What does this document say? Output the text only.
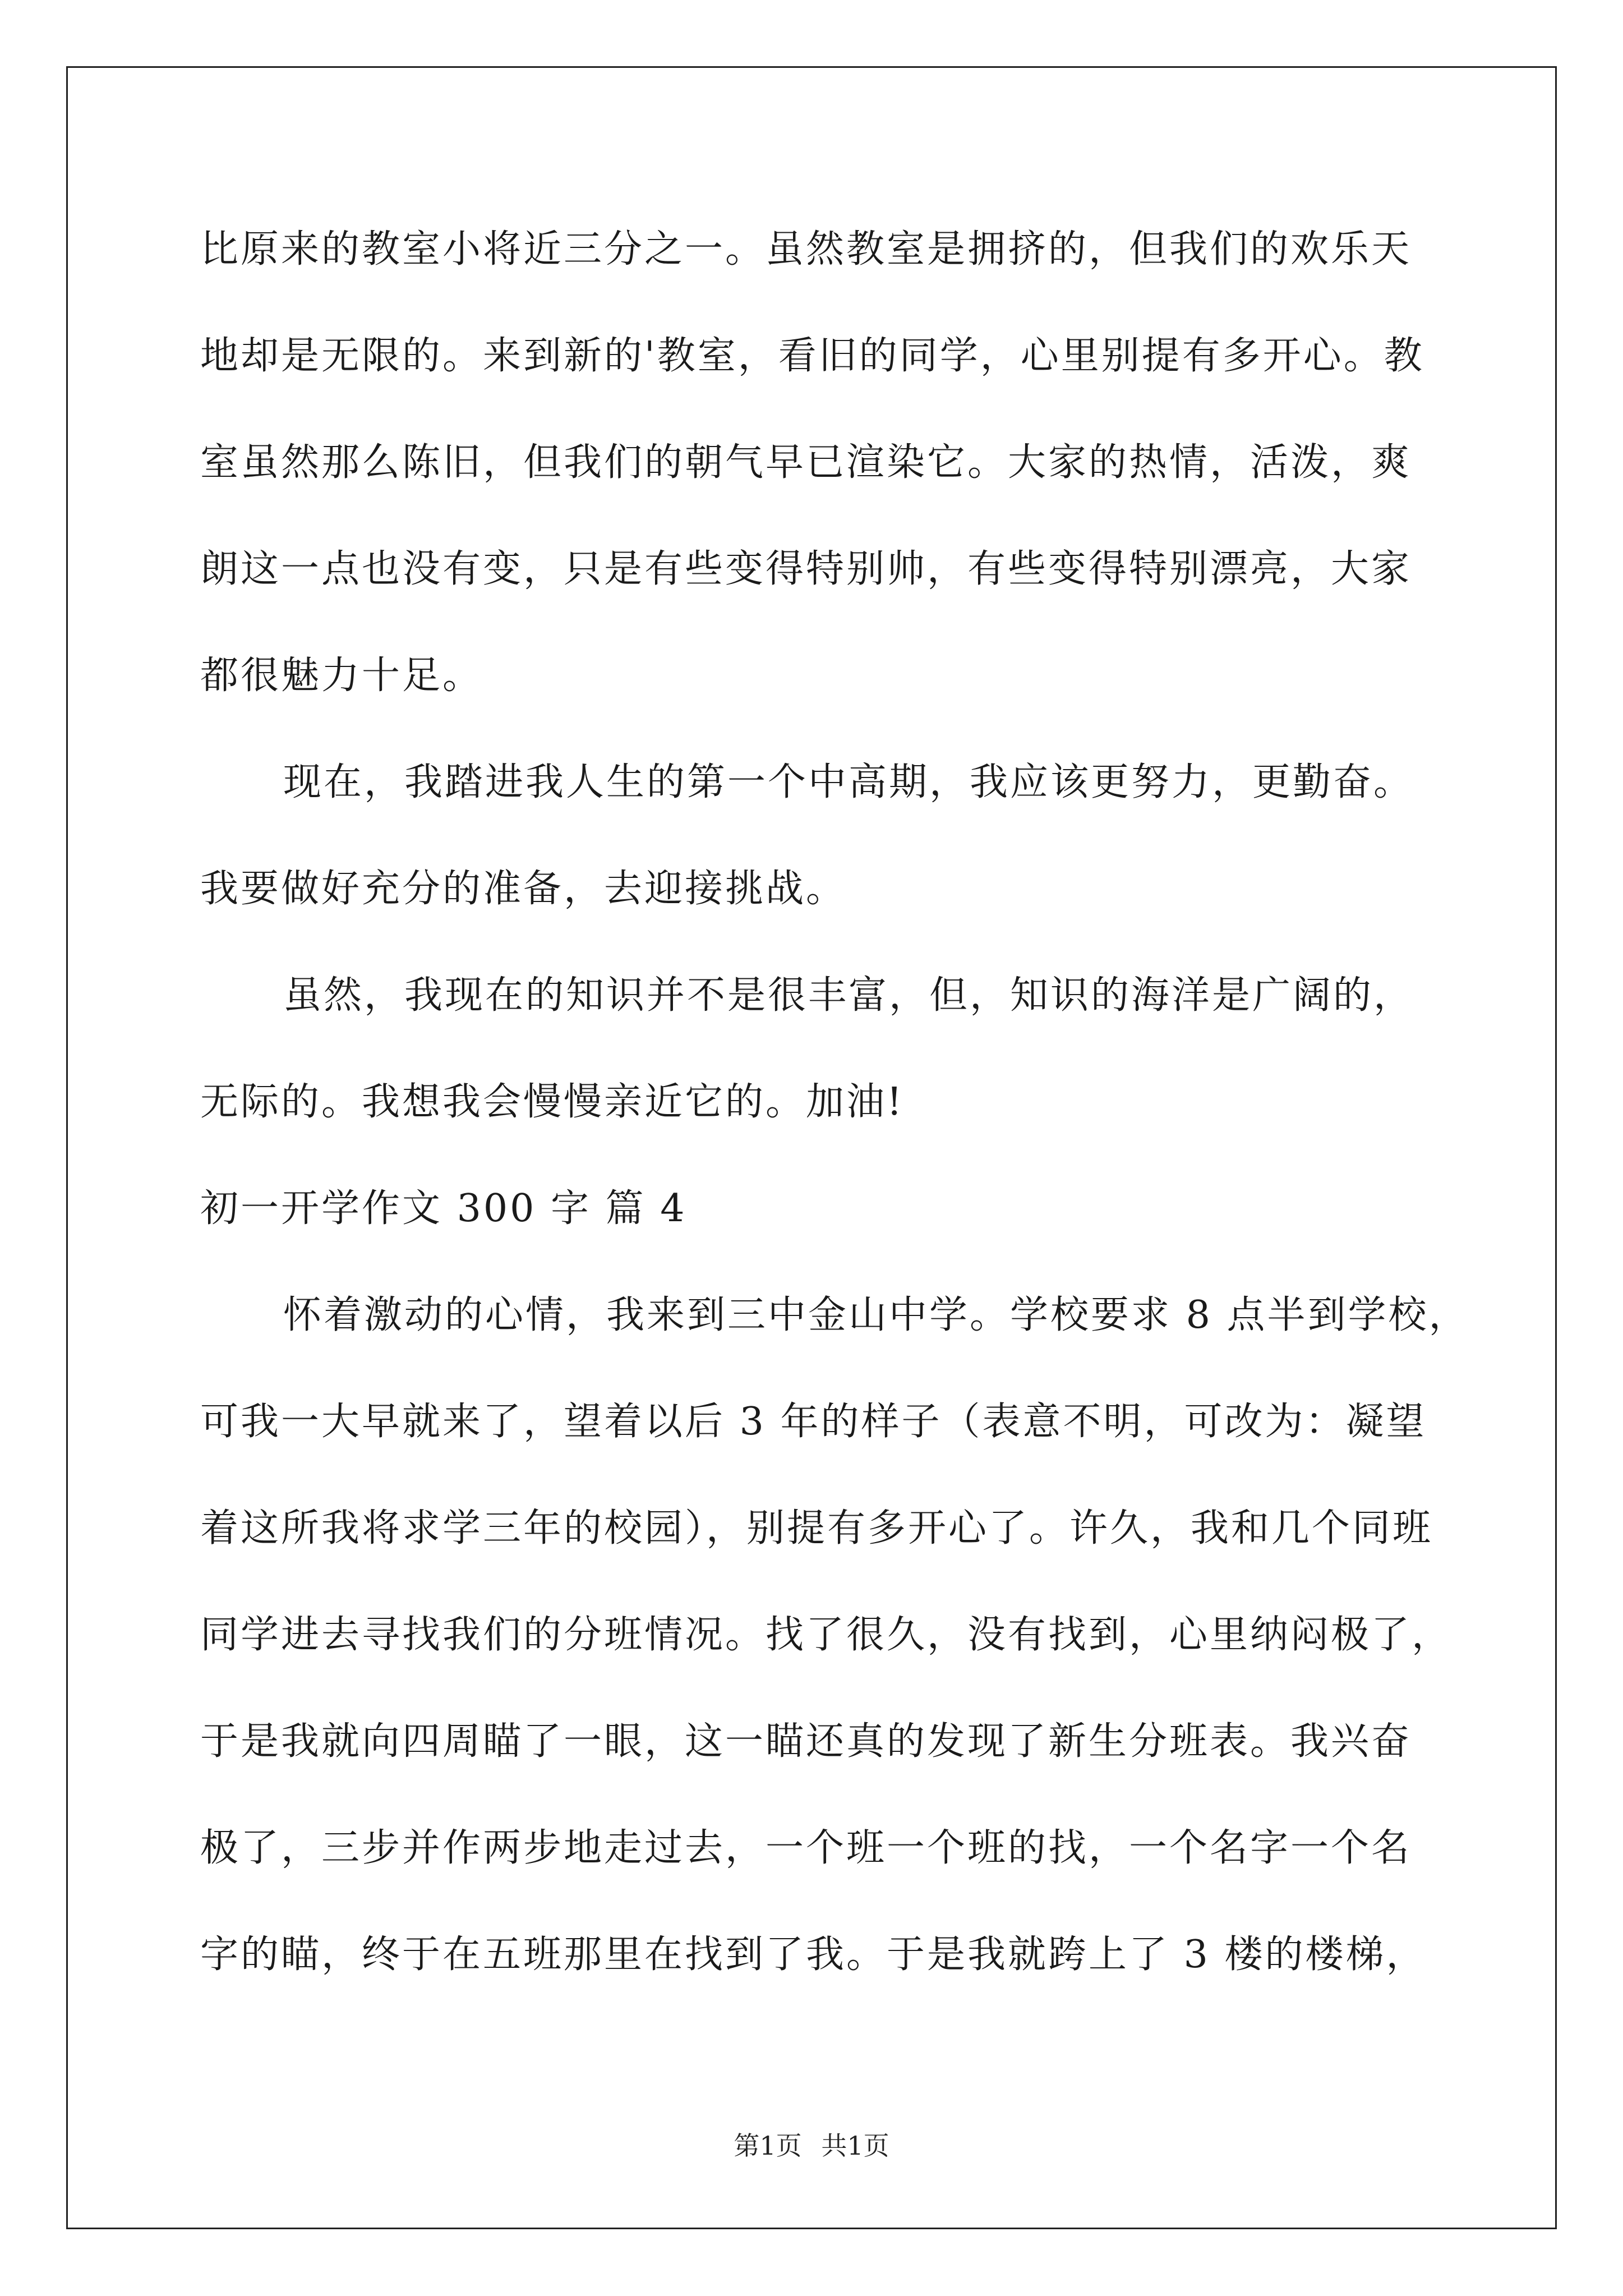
比原来的教室小将近三分之一。虽然教室是拥挤的，但我们的欢乐天
地却是无限的。来到新的'教室，看旧的同学，心里别提有多开心。教
室虽然那么陈旧，但我们的朝气早已渲染它。大家的热情，活泼，爽
朗这一点也没有变，只是有些变得特别帅，有些变得特别漂亮，大家
都很魅力十足。
现在，我踏进我人生的第一个中高期，我应该更努力，更勤奋。
我要做好充分的准备，去迎接挑战。
虽然，我现在的知识并不是很丰富，但，知识的海洋是广阔的，
无际的。我想我会慢慢亲近它的。加油!
初一开学作文 300 字 篇 4
怀着激动的心情，我来到三中金山中学。学校要求 8 点半到学校，
可我一大早就来了，望着以后 3 年的样子（表意不明，可改为：凝望
着这所我将求学三年的校园），别提有多开心了。许久，我和几个同班
同学进去寻找我们的分班情况。找了很久，没有找到，心里纳闷极了，
于是我就向四周瞄了一眼，这一瞄还真的发现了新生分班表。我兴奋
极了，三步并作两步地走过去，一个班一个班的找，一个名字一个名
字的瞄，终于在五班那里在找到了我。于是我就跨上了 3 楼的楼梯，
第1页 共1页
